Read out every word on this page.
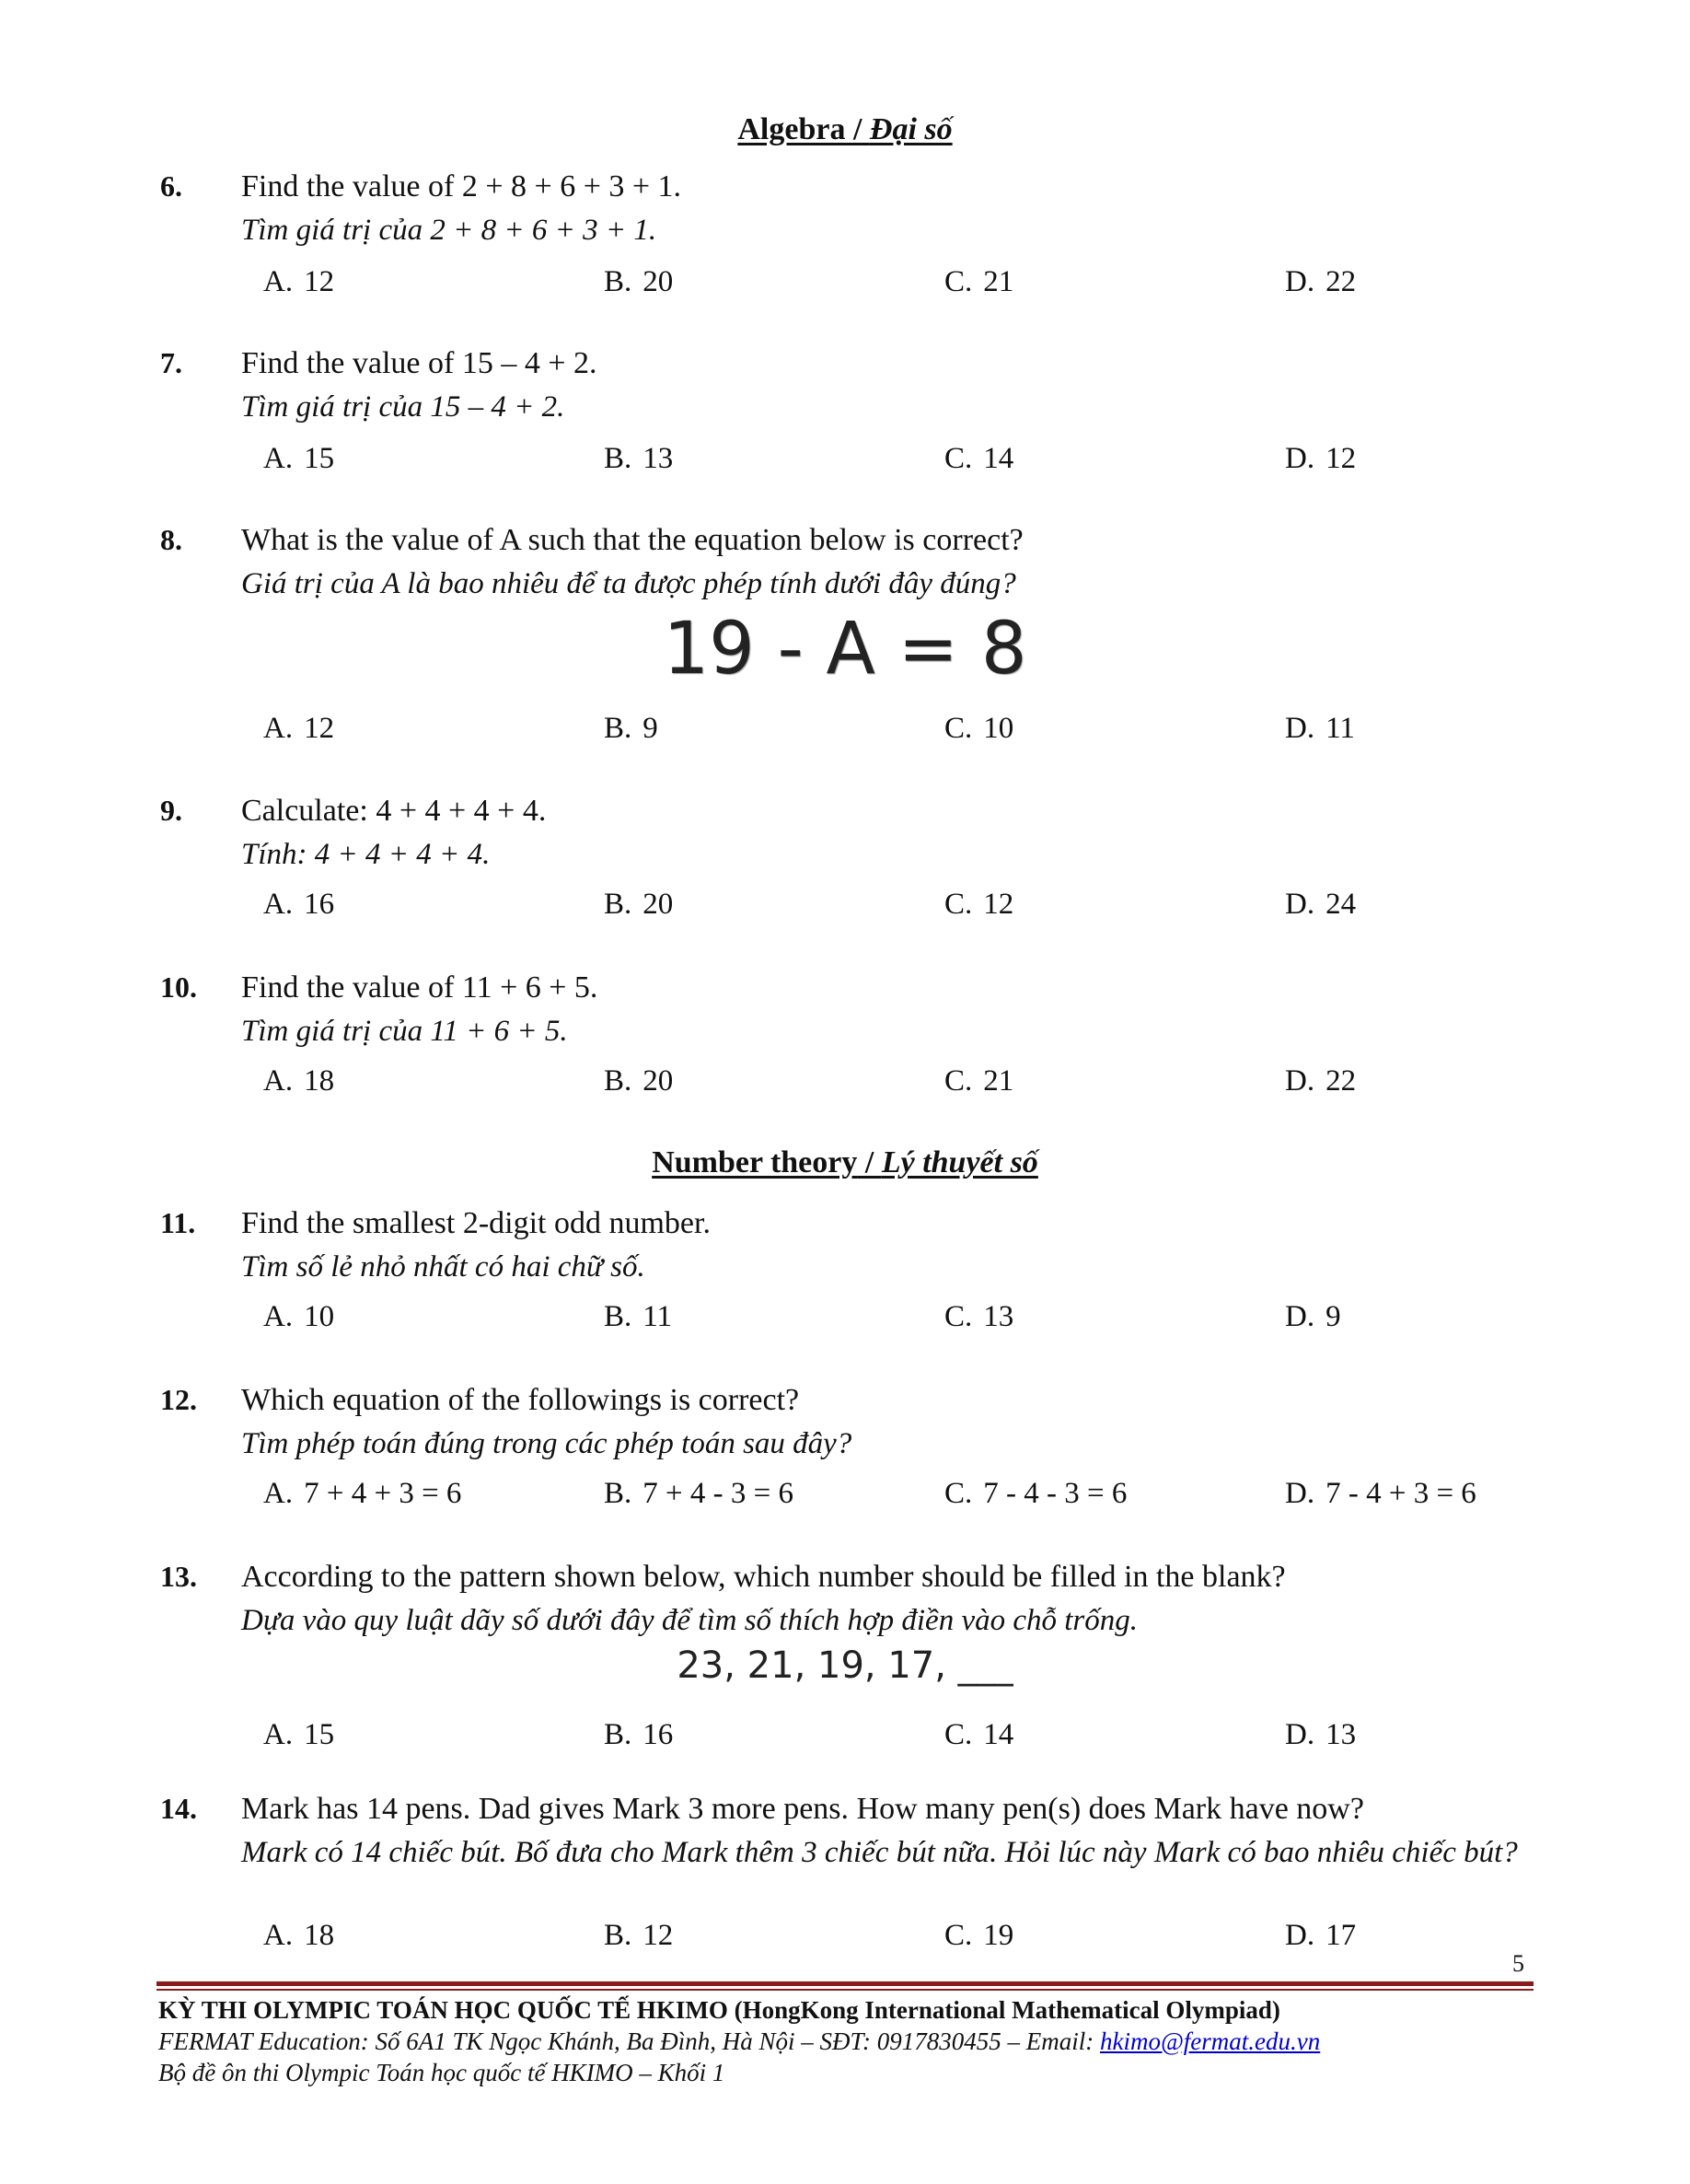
Algebra / Đại số
6. Find the value of 2 + 8 + 6 + 3 + 1.
Tìm giá trị của 2 + 8 + 6 + 3 + 1.
A. 12	B. 20	C. 21	D. 22
7. Find the value of 15 – 4 + 2.
Tìm giá trị của 15 – 4 + 2.
A. 15	B. 13	C. 14	D. 12
8. What is the value of A such that the equation below is correct?
Giá trị của A là bao nhiêu để ta được phép tính dưới đây đúng?
19 - A = 8
A. 12	B. 9	C. 10	D. 11
9. Calculate: 4 + 4 + 4 + 4.
Tính: 4 + 4 + 4 + 4.
A. 16	B. 20	C. 12	D. 24
10. Find the value of 11 + 6 + 5.
Tìm giá trị của 11 + 6 + 5.
A. 18	B. 20	C. 21	D. 22
Number theory / Lý thuyết số
11. Find the smallest 2-digit odd number.
Tìm số lẻ nhỏ nhất có hai chữ số.
A. 10	B. 11	C. 13	D. 9
12. Which equation of the followings is correct?
Tìm phép toán đúng trong các phép toán sau đây?
A. 7 + 4 + 3 = 6	B. 7 + 4 - 3 = 6	C. 7 - 4 - 3 = 6	D. 7 - 4 + 3 = 6
13. According to the pattern shown below, which number should be filled in the blank?
Dựa vào quy luật dãy số dưới đây để tìm số thích hợp điền vào chỗ trống.
23, 21, 19, 17, ___
A. 15	B. 16	C. 14	D. 13
14. Mark has 14 pens. Dad gives Mark 3 more pens. How many pen(s) does Mark have now?
Mark có 14 chiếc bút. Bố đưa cho Mark thêm 3 chiếc bút nữa. Hỏi lúc này Mark có bao nhiêu chiếc bút?
A. 18	B. 12	C. 19	D. 17
5
KỲ THI OLYMPIC TOÁN HỌC QUỐC TẾ HKIMO (HongKong International Mathematical Olympiad)
FERMAT Education: Số 6A1 TK Ngọc Khánh, Ba Đình, Hà Nội – SĐT: 0917830455 – Email: hkimo@fermat.edu.vn
Bộ đề ôn thi Olympic Toán học quốc tế HKIMO – Khối 1
